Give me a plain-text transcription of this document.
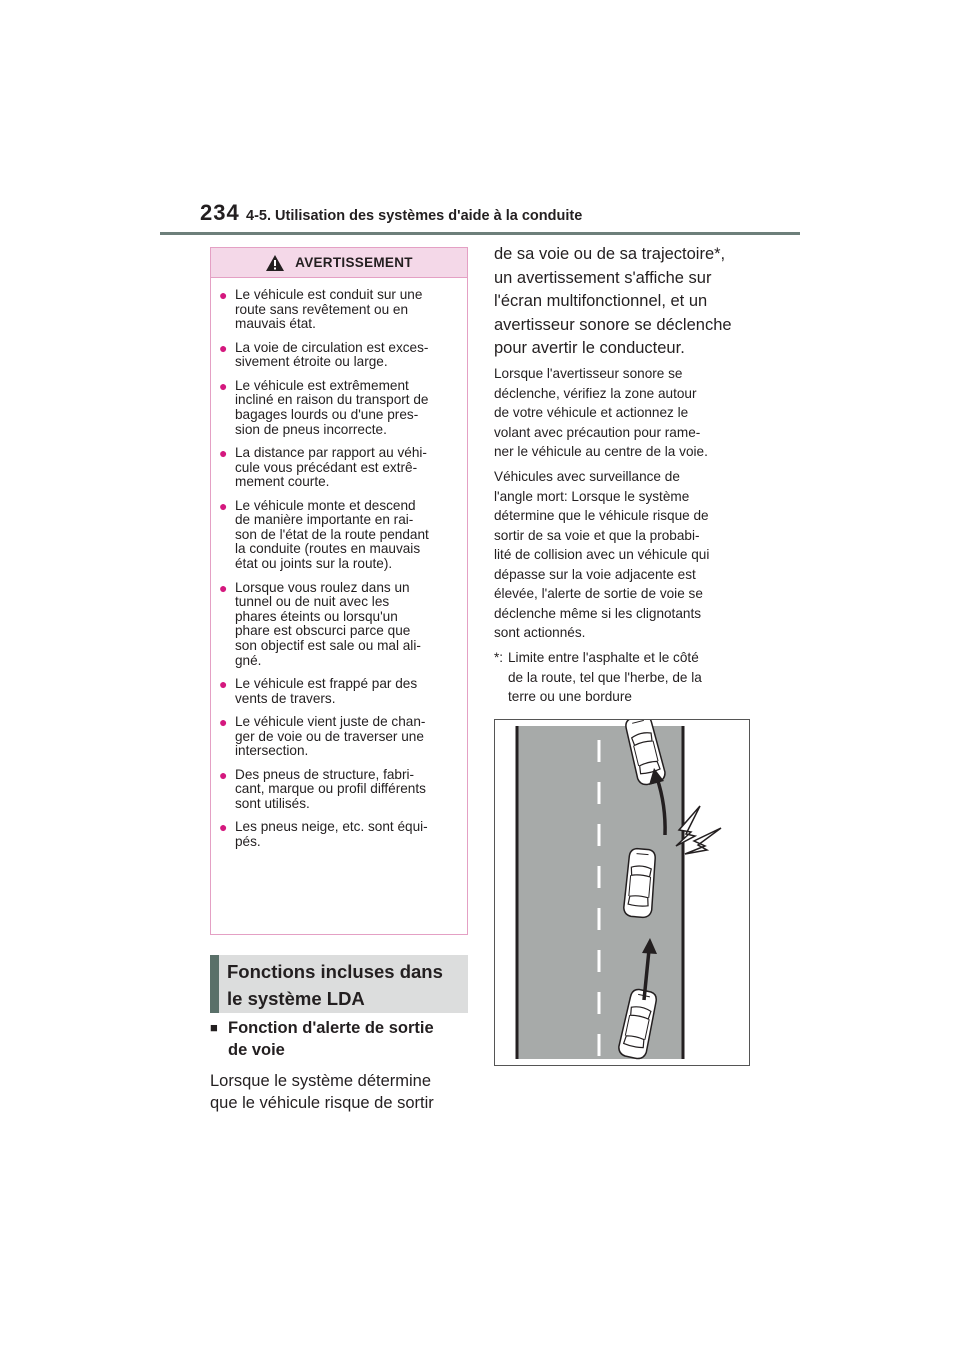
234 4-5. Utilisation des systèmes d'aide à la conduite
AVERTISSEMENT
● Le véhicule est conduit sur une
route sans revêtement ou en
mauvais état.
● La voie de circulation est exces-
sivement étroite ou large.
● Le véhicule est extrêmement
incliné en raison du transport de
bagages lourds ou d'une pres-
sion de pneus incorrecte.
● La distance par rapport au véhi-
cule vous précédant est extrê-
mement courte.
● Le véhicule monte et descend
de manière importante en rai-
son de l'état de la route pendant
la conduite (routes en mauvais
état ou joints sur la route).
● Lorsque vous roulez dans un
tunnel ou de nuit avec les
phares éteints ou lorsqu'un
phare est obscurci parce que
son objectif est sale ou mal ali-
gné.
● Le véhicule est frappé par des
vents de travers.
● Le véhicule vient juste de chan-
ger de voie ou de traverser une
intersection.
● Des pneus de structure, fabri-
cant, marque ou profil différents
sont utilisés.
● Les pneus neige, etc. sont équi-
pés.
Fonctions incluses dans
le système LDA
■ Fonction d'alerte de sortie
de voie
Lorsque le système détermine
que le véhicule risque de sortir
de sa voie ou de sa trajectoire*,
un avertissement s'affiche sur
l'écran multifonctionnel, et un
avertisseur sonore se déclenche
pour avertir le conducteur.
Lorsque l'avertisseur sonore se
déclenche, vérifiez la zone autour
de votre véhicule et actionnez le
volant avec précaution pour rame-
ner le véhicule au centre de la voie.
Véhicules avec surveillance de
l'angle mort: Lorsque le système
détermine que le véhicule risque de
sortir de sa voie et que la probabi-
lité de collision avec un véhicule qui
dépasse sur la voie adjacente est
élevée, l'alerte de sortie de voie se
déclenche même si les clignotants
sont actionnés.
*: Limite entre l'asphalte et le côté
de la route, tel que l'herbe, de la
terre ou une bordure
